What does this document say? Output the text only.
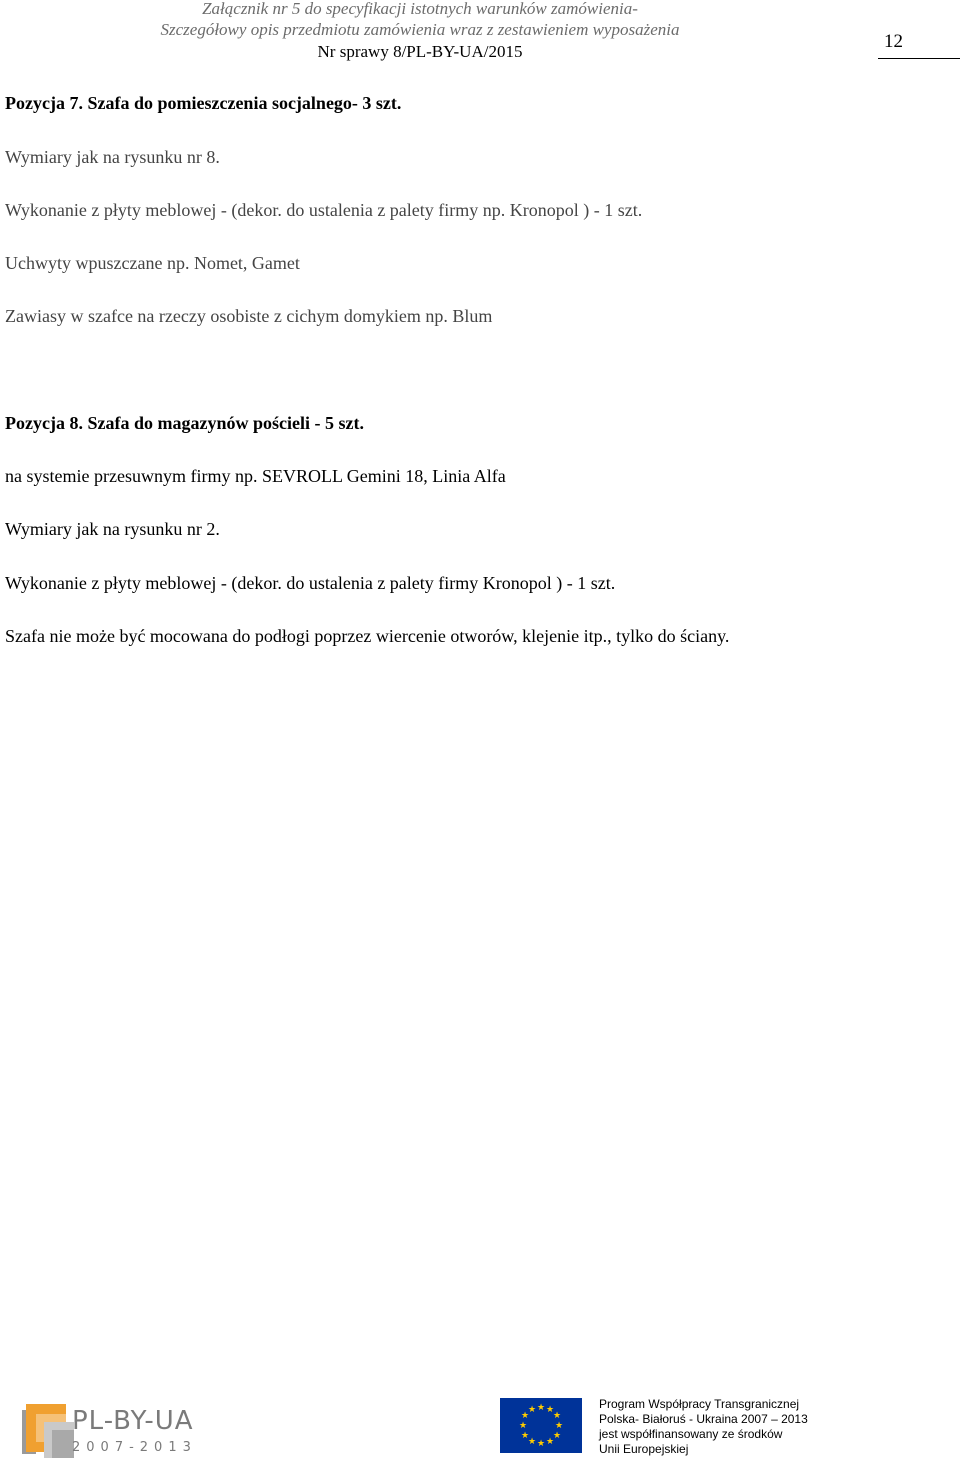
Załącznik nr 5 do specyfikacji istotnych warunków zamówienia-
Szczegółowy opis przedmiotu zamówienia wraz z zestawieniem wyposażenia
Nr sprawy 8/PL-BY-UA/2015	12
Pozycja 7. Szafa do pomieszczenia socjalnego- 3 szt.
Wymiary jak na rysunku nr 8.
Wykonanie z płyty meblowej - (dekor. do ustalenia z palety firmy np. Kronopol ) - 1 szt.
Uchwyty wpuszczane np. Nomet, Gamet
Zawiasy w szafce na rzeczy osobiste z cichym domykiem np. Blum
Pozycja 8. Szafa do magazynów pościeli - 5 szt.
na systemie przesuwnym firmy np. SEVROLL Gemini 18, Linia Alfa
Wymiary jak na rysunku nr 2.
Wykonanie z płyty meblowej - (dekor. do ustalenia z palety firmy Kronopol ) - 1 szt.
Szafa nie może być mocowana do podłogi poprzez wiercenie otworów, klejenie itp., tylko do ściany.
PL-BY-UA
2007-2013
★ ★
★
★
★
★
★
★
★
★
★
★	Program Współpracy Transgranicznej
Polska- Białoruś - Ukraina 2007 – 2013
jest współfinansowany ze środków
Unii Europejskiej
